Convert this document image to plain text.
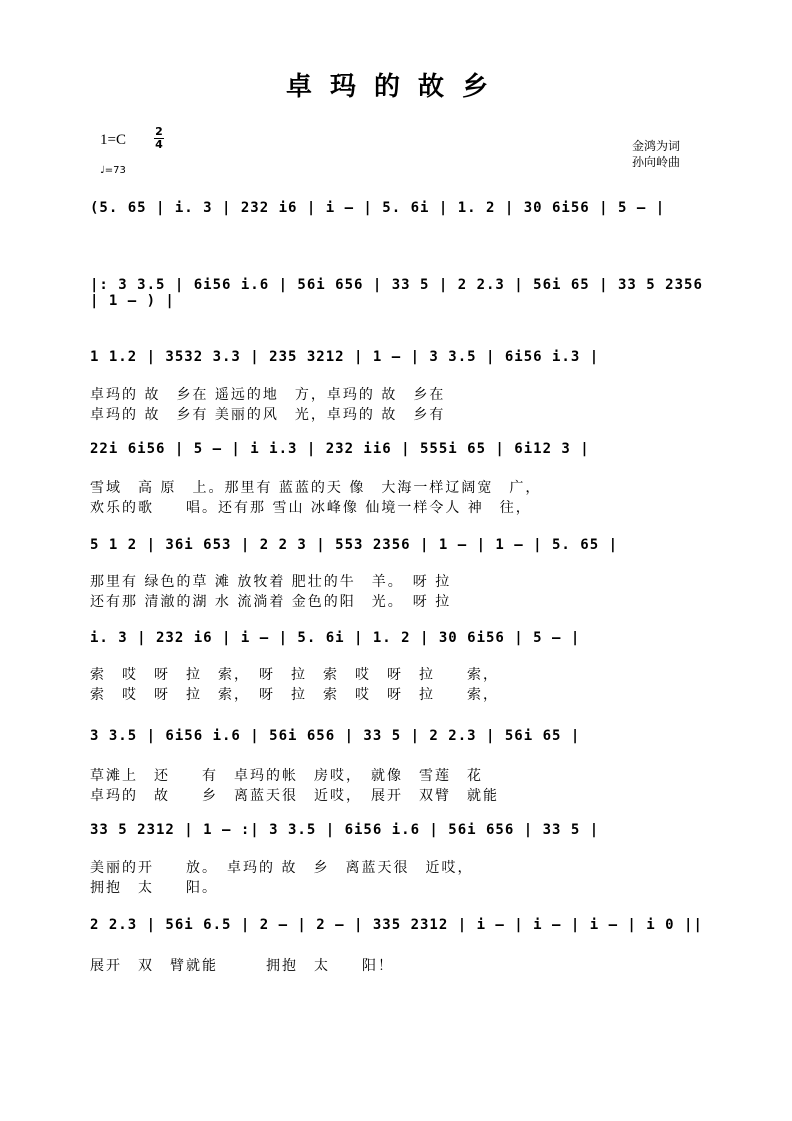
卓玛的故乡
1=C
2
4
♩=73
金鸿为词
孙向岭曲
(5. 65 | i. 3 | 232 i6 | i – | 5. 6i | 1. 2 | 30 6i56 | 5 – |
|: 3 3.5 | 6i56 i.6 | 56i 656 | 33 5 | 2 2.3 | 56i 65 | 33 5 2356 | 1 – ) |
1 1.2 | 3532 3.3 | 235 3212 | 1 – | 3 3.5 | 6i56 i.3 |
卓玛的 故　乡在 遥远的地　方，卓玛的 故　乡在
卓玛的 故　乡有 美丽的风　光，卓玛的 故　乡有
22i 6i56 | 5 – | i i.3 | 232 ii6 | 555i 65 | 6i12 3 |
雪域　高 原　上。那里有 蓝蓝的天 像　大海一样辽阔宽　广，
欢乐的歌　　唱。还有那 雪山 冰峰像 仙境一样令人 神　往，
5 1 2 | 36i 653 | 2 2 3 | 553 2356 | 1 – | 1 – | 5. 65 |
那里有 绿色的草 滩 放牧着 肥壮的牛　羊。　呀 拉
还有那 清澈的湖 水 流淌着 金色的阳　光。　呀 拉
i. 3 | 232 i6 | i – | 5. 6i | 1. 2 | 30 6i56 | 5 – |
索　哎　呀　拉　索，　呀　拉　索　哎　呀　拉　　索，
索　哎　呀　拉　索，　呀　拉　索　哎　呀　拉　　索，
3 3.5 | 6i56 i.6 | 56i 656 | 33 5 | 2 2.3 | 56i 65 |
草滩上　还　　有　卓玛的帐　房哎，　就像　雪莲　花
卓玛的　故　　乡　离蓝天很　近哎，　展开　双臂　就能
33 5 2312 | 1 – :| 3 3.5 | 6i56 i.6 | 56i 656 | 33 5 |
美丽的开　　放。　卓玛的 故　乡　离蓝天很　近哎，
拥抱　太　　阳。
2 2.3 | 56i 6.5 | 2 – | 2 – | 335 2312 | i – | i – | i – | i 0 ||
展开　双　臂就能　　　拥抱　太　　阳！
